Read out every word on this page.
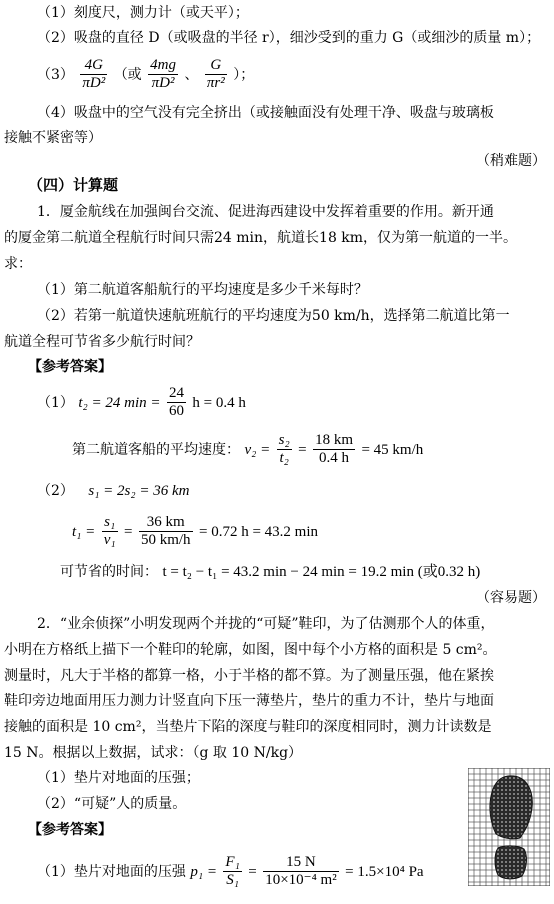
（1）刻度尺，测力计（或天平）；
（2）吸盘的直径 D（或吸盘的半径 r），细沙受到的重力 G（或细沙的质量 m）；
$(3) \frac{4G}{\text{πD²}}$ （或 $\frac{4mg}{\text{πD²}}$ 、 $\frac{G}{\text{πr²}}$ ）；
（4）吸盘中的空气没有完全挤出（或接触面没有处理干净、吸盘与玻璃板
接触不紧密等）
（稍难题）
（四）计算题
1．厦金航线在加强闽台交流、促进海西建设中发挥着重要的作用。新开通
的厦金第二航道全程航行时间只需24 min，航道长18 km，仅为第一航道的一半。
求：
（1）第二航道客船航行的平均速度是多少千米每时？
（2）若第一航道快速航班航行的平均速度为50 km/h，选择第二航道比第一
航道全程可节省多少航行时间？
【参考答案】
（1） t₂ = 24 $\min = \frac{24}{60}$ h = 0.4 h
第二航道客船的平均速度： $v_2 = \frac{\text{s₂}}{\text{t₂}} = \frac{18 km}{0.4 h} = 45$ km/h
（2） s₁ = 2s₂ = 36 km
$t_1 = \frac{\text{s₁}}{\text{v₁}} = \frac{36 km}{50 km/h} = 0.72$ h = 43.2 min
可节省的时间： t = t₂ − t₁ = 43.2 min − 24 min = 19.2 min (或0.32 h)
（容易题）
2．“业余侦探”小明发现两个并拢的“可疑”鞋印，为了估测那个人的体重，
小明在方格纸上描下一个鞋印的轮廓，如图，图中每个小方格的面积是 5 cm²。
测量时，凡大于半格的都算一格，小于半格的都不算。为了测量压强，他在紧挨
鞋印旁边地面用压力测力计竖直向下压一薄垫片，垫片的重力不计，垫片与地面
接触的面积是 10 cm²，当垫片下陷的深度与鞋印的深度相同时，测力计读数是
15 N。根据以上数据，试求：（g 取 10 N/kg）
（1）垫片对地面的压强；
（2）“可疑”人的质量。
【参考答案】
（1）垫片对地面的压强 $p_1 = \frac{\text{F₁}}{\text{S₁}} = \frac{15 N}{\text{10×10⁻⁴ m²}} = 1.5\times 10^4$ Pa
